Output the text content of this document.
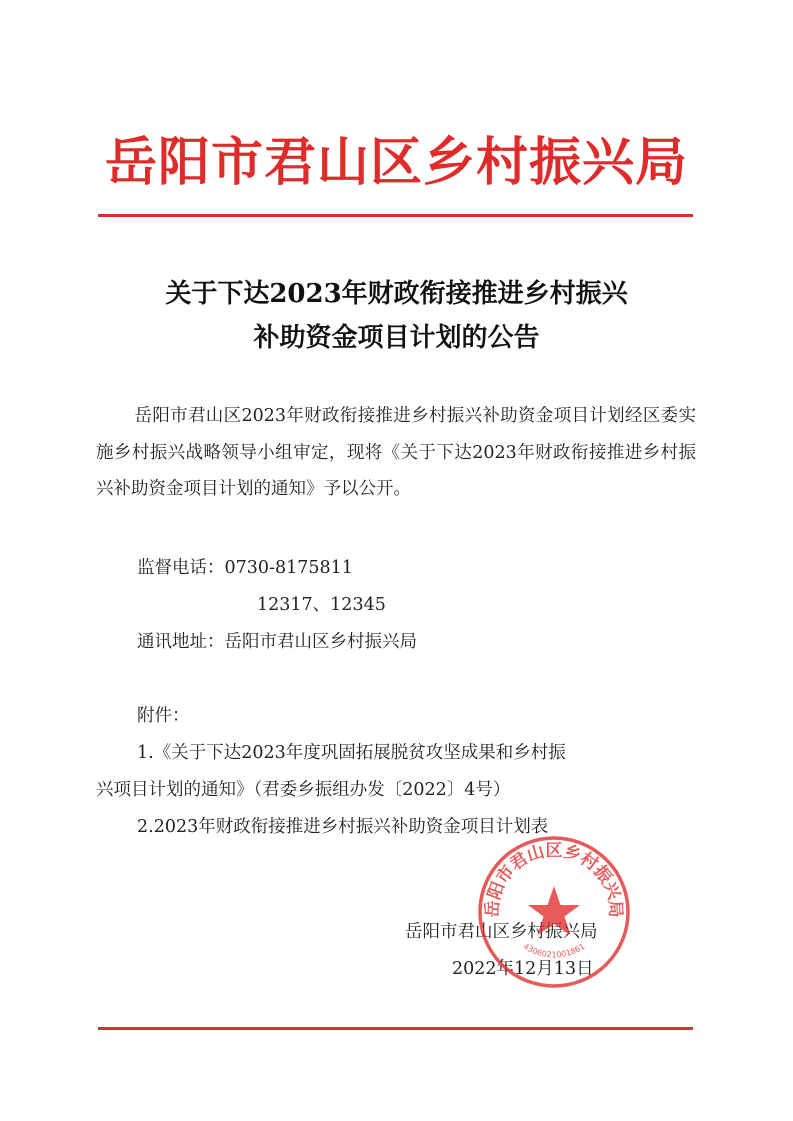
岳阳市君山区乡村振兴局
关于下达2023年财政衔接推进乡村振兴
补助资金项目计划的公告

岳阳市君山区2023年财政衔接推进乡村振兴补助资金项目计划经区委实施乡村振兴战略领导小组审定，现将《关于下达2023年财政衔接推进乡村振兴补助资金项目计划的通知》予以公开。

监督电话：0730-8175811
12317、12345
通讯地址：岳阳市君山区乡村振兴局
附件：
1.《关于下达2023年度巩固拓展脱贫攻坚成果和乡村振
兴项目计划的通知》（君委乡振组办发〔2022〕4号）
2.2023年财政衔接推进乡村振兴补助资金项目计划表
岳阳市君山区乡村振兴局
2022年12月13日
岳阳市君山区乡村振兴局
4306021001861
